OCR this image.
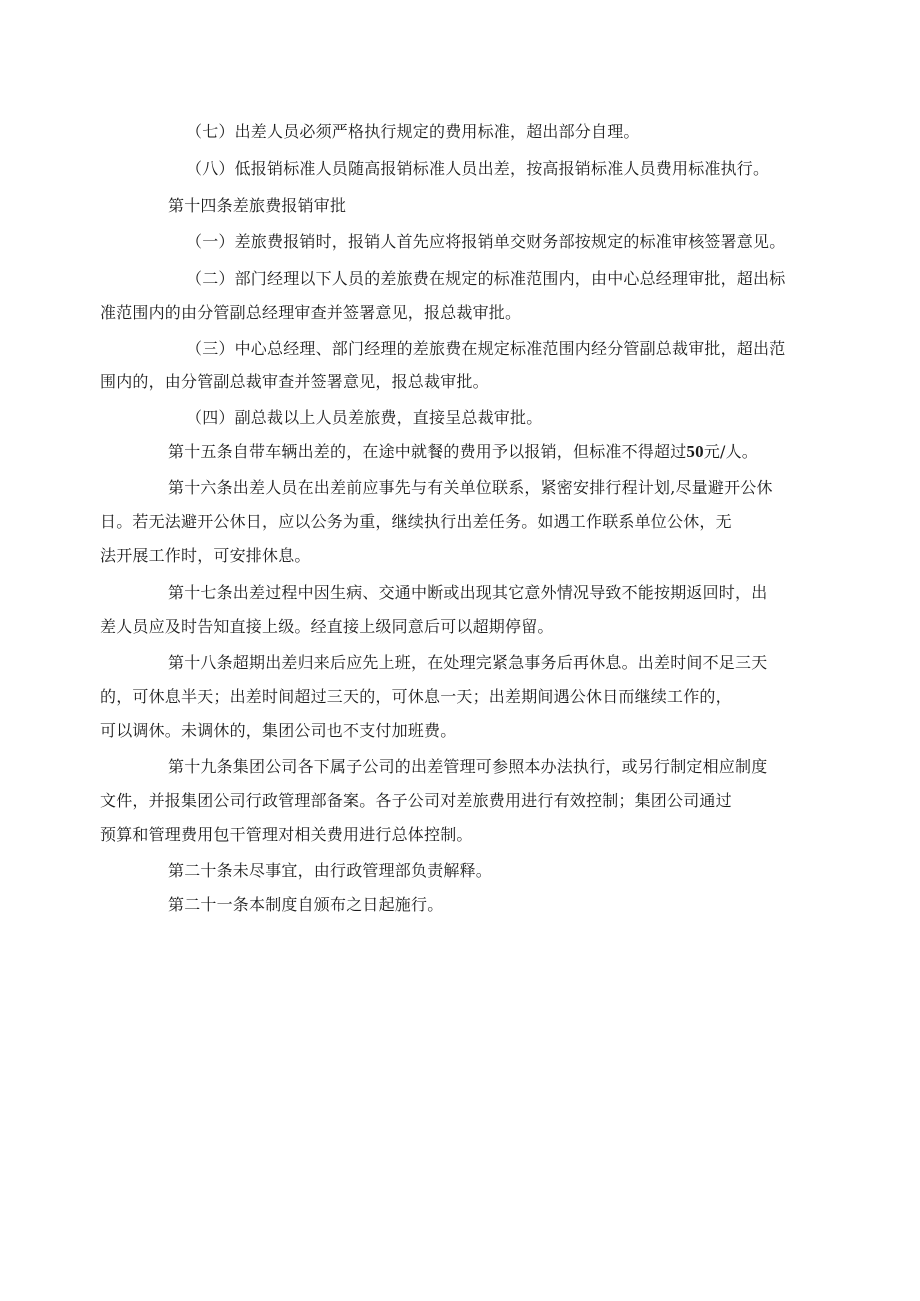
（七）出差人员必须严格执行规定的费用标准，超出部分自理。

（八）低报销标准人员随高报销标准人员出差，按高报销标准人员费用标准执行。

第十四条差旅费报销审批

（一）差旅费报销时，报销人首先应将报销单交财务部按规定的标准审核签署意见。

（二）部门经理以下人员的差旅费在规定的标准范围内，由中心总经理审批，超出标

准范围内的由分管副总经理审查并签署意见，报总裁审批。

（三）中心总经理、部门经理的差旅费在规定标准范围内经分管副总裁审批，超出范

围内的，由分管副总裁审查并签署意见，报总裁审批。

（四）副总裁以上人员差旅费，直接呈总裁审批。

第十五条自带车辆出差的，在途中就餐的费用予以报销，但标准不得超过50元/人。

第十六条出差人员在出差前应事先与有关单位联系，紧密安排行程计划,尽量避开公休

日。若无法避开公休日，应以公务为重，继续执行出差任务。如遇工作联系单位公休，无

法开展工作时，可安排休息。

第十七条出差过程中因生病、交通中断或出现其它意外情况导致不能按期返回时，出

差人员应及时告知直接上级。经直接上级同意后可以超期停留。

第十八条超期出差归来后应先上班，在处理完紧急事务后再休息。出差时间不足三天

的，可休息半天；出差时间超过三天的，可休息一天；出差期间遇公休日而继续工作的，

可以调休。未调休的，集团公司也不支付加班费。

第十九条集团公司各下属子公司的出差管理可参照本办法执行，或另行制定相应制度

文件，并报集团公司行政管理部备案。各子公司对差旅费用进行有效控制；集团公司通过

预算和管理费用包干管理对相关费用进行总体控制。

第二十条未尽事宜，由行政管理部负责解释。

第二十一条本制度自颁布之日起施行。
